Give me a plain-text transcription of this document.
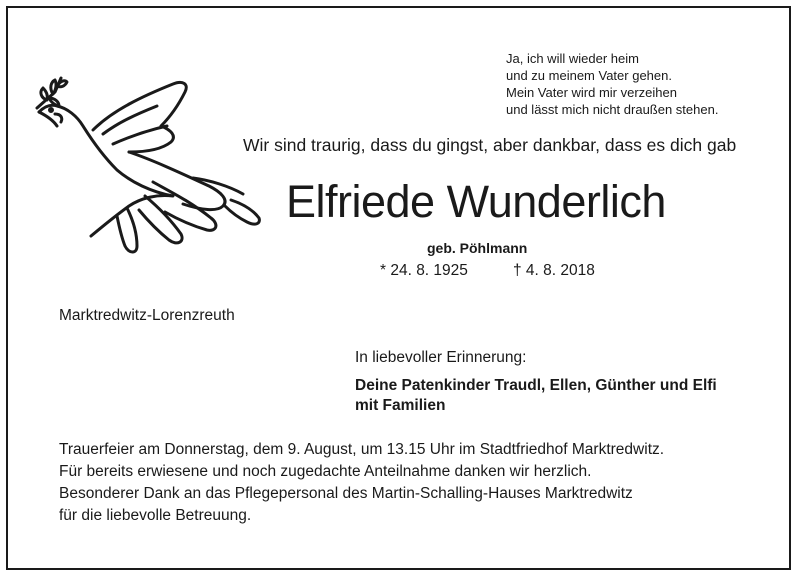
Ja, ich will wieder heim
und zu meinem Vater gehen.
Mein Vater wird mir verzeihen
und lässt mich nicht draußen stehen.
Wir sind traurig, dass du gingst, aber dankbar, dass es dich gab
Elfriede Wunderlich
geb. Pöhlmann
* 24. 8. 1925	† 4. 8. 2018
Marktredwitz-Lorenzreuth
In liebevoller Erinnerung:
Deine Patenkinder Traudl, Ellen, Günther und Elfi
mit Familien
Trauerfeier am Donnerstag, dem 9. August, um 13.15 Uhr im Stadtfriedhof Marktredwitz.
Für bereits erwiesene und noch zugedachte Anteilnahme danken wir herzlich.
Besonderer Dank an das Pflegepersonal des Martin-Schalling-Hauses Marktredwitz
für die liebevolle Betreuung.
